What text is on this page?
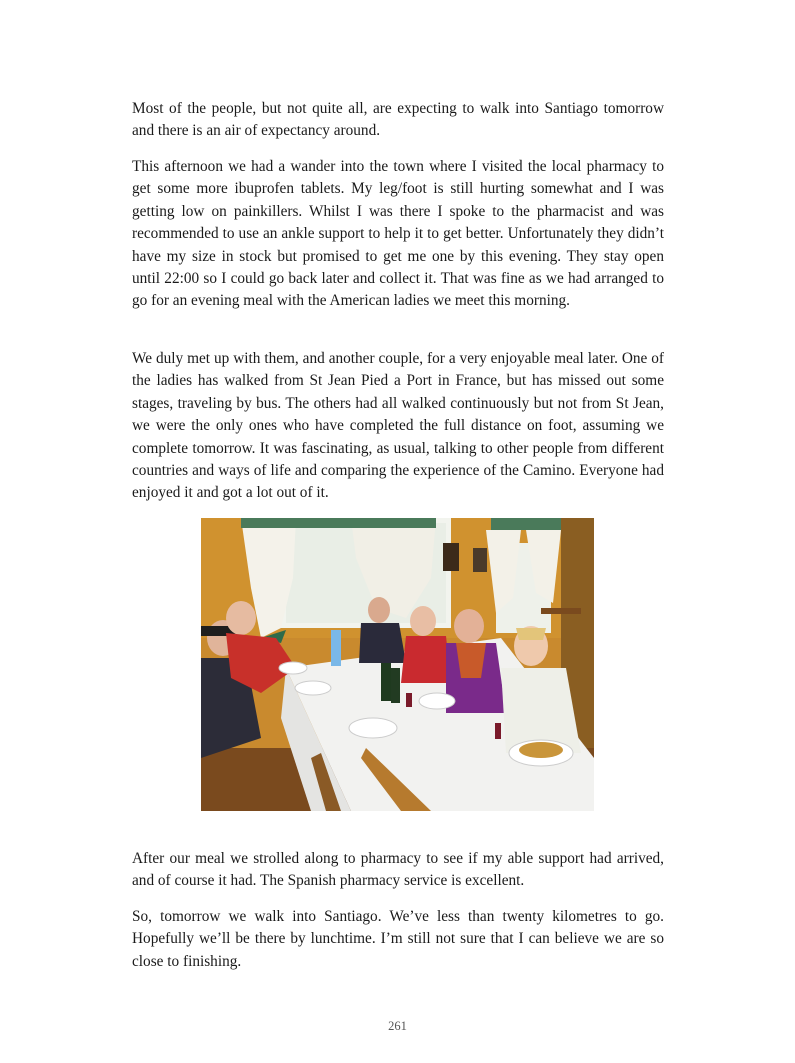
Most of the people, but not quite all, are expecting to walk into Santiago tomorrow and there is an air of expectancy around.

This afternoon we had a wander into the town where I visited the local pharmacy to get some more ibuprofen tablets. My leg/foot is still hurting somewhat and I was getting low on painkillers. Whilst I was there I spoke to the pharmacist and was recommended to use an ankle support to help it to get better. Unfortunately they didn’t have my size in stock but promised to get me one by this evening. They stay open until 22:00 so I could go back later and collect it. That was fine as we had arranged to go for an evening meal with the American ladies we meet this morning.

We duly met up with them, and another couple, for a very enjoyable meal later. One of the ladies has walked from St Jean Pied a Port in France, but has missed out some stages, traveling by bus. The others had all walked continuously but not from St Jean, we were the only ones who have completed the full distance on foot, assuming we complete tomorrow. It was fascinating, as usual, talking to other people from different countries and ways of life and comparing the experience of the Camino. Everyone had enjoyed it and got a lot out of it.

After our meal we strolled along to pharmacy to see if my able support had arrived, and of course it had. The Spanish pharmacy service is excellent.

So, tomorrow we walk into Santiago. We’ve less than twenty kilometres to go. Hopefully we’ll be there by lunchtime. I’m still not sure that I can believe we are so close to finishing.

261
